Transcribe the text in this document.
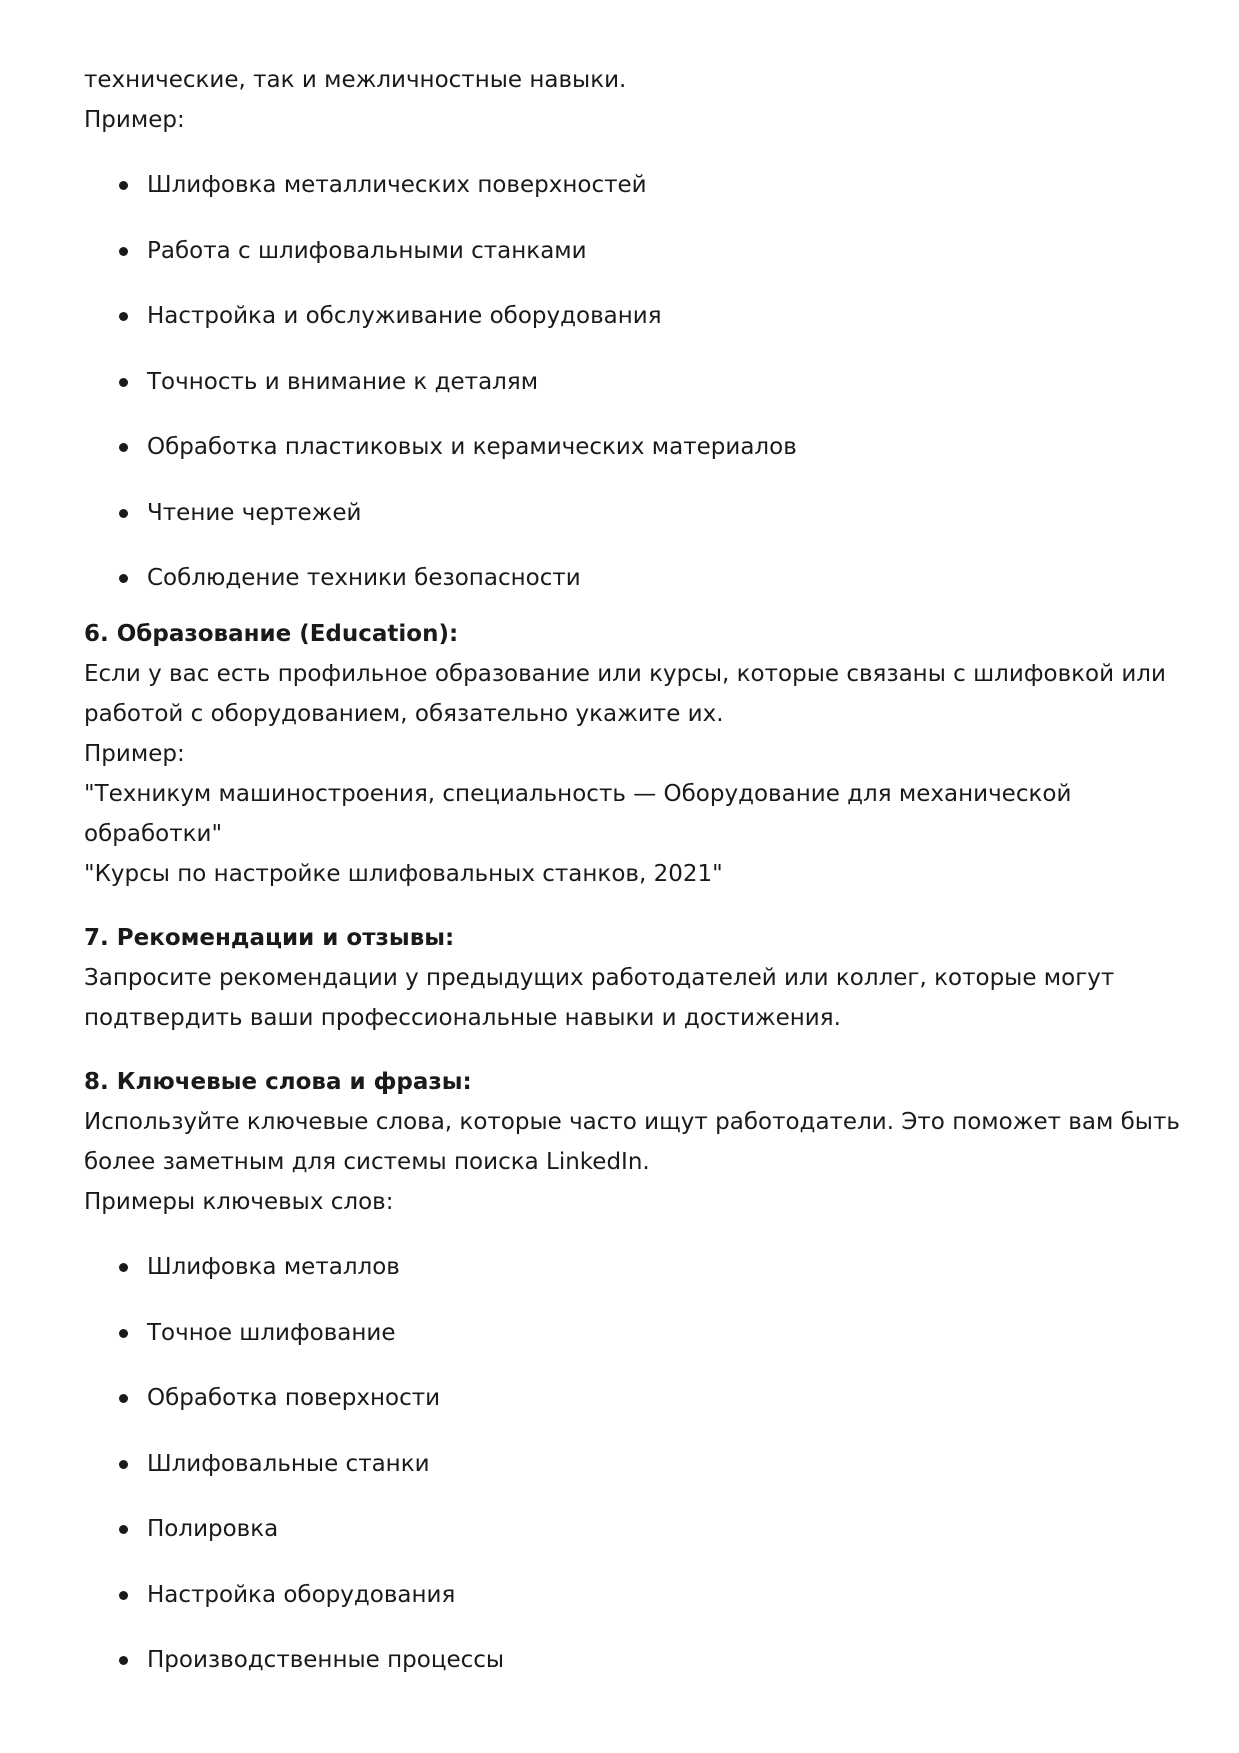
технические, так и межличностные навыки.

Пример:

Шлифовка металлических поверхностей
Работа с шлифовальными станками
Настройка и обслуживание оборудования
Точность и внимание к деталям
Обработка пластиковых и керамических материалов
Чтение чертежей
Соблюдение техники безопасности

6. Образование (Education):

Если у вас есть профильное образование или курсы, которые связаны с шлифовкой или

работой с оборудованием, обязательно укажите их.

Пример:

"Техникум машиностроения, специальность — Оборудование для механической

обработки"

"Курсы по настройке шлифовальных станков, 2021"

7. Рекомендации и отзывы:

Запросите рекомендации у предыдущих работодателей или коллег, которые могут

подтвердить ваши профессиональные навыки и достижения.

8. Ключевые слова и фразы:

Используйте ключевые слова, которые часто ищут работодатели. Это поможет вам быть

более заметным для системы поиска LinkedIn.

Примеры ключевых слов:

Шлифовка металлов
Точное шлифование
Обработка поверхности
Шлифовальные станки
Полировка
Настройка оборудования
Производственные процессы
